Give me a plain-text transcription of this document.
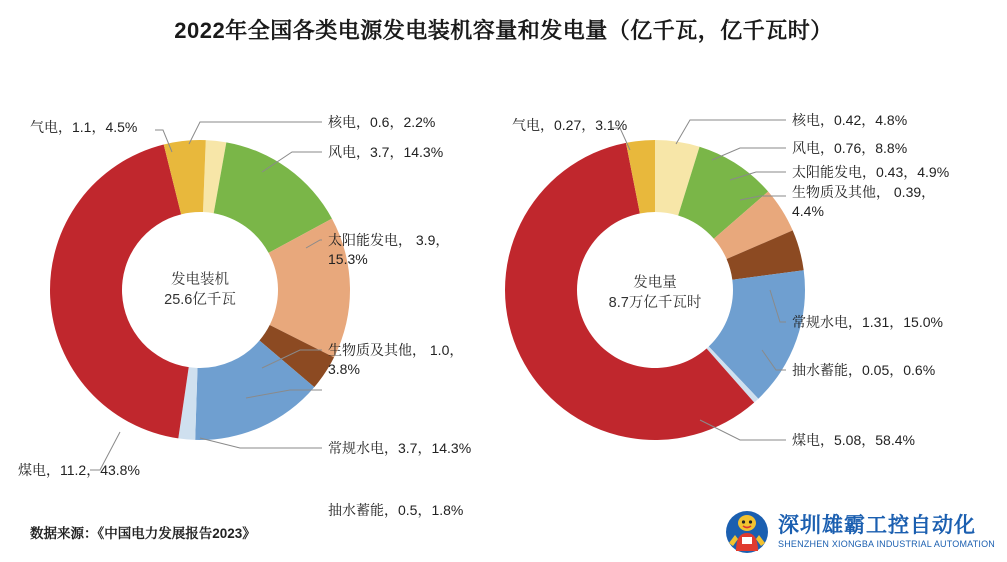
2022年全国各类电源发电装机容量和发电量（亿千瓦，亿千瓦时）
发电装机
25.6亿千瓦
发电量
8.7万亿千瓦时
气电，1.1，4.5%	核电，0.6，2.2%
风电，3.7，14.3%
太阳能发电， 3.9，15.3%
生物质及其他， 1.0，3.8%
常规水电，3.7，14.3%
抽水蓄能，0.5，1.8%
煤电，11.2，43.8%
气电，0.27，3.1%	核电，0.42，4.8%
风电，0.76，8.8%
太阳能发电，0.43，4.9%
生物质及其他， 0.39，4.4%
常规水电，1.31，15.0%
抽水蓄能，0.05，0.6%
煤电，5.08，58.4%
数据来源：《中国电力发展报告2023》	深圳雄霸工控自动化
SHENZHEN XIONGBA INDUSTRIAL AUTOMATION
